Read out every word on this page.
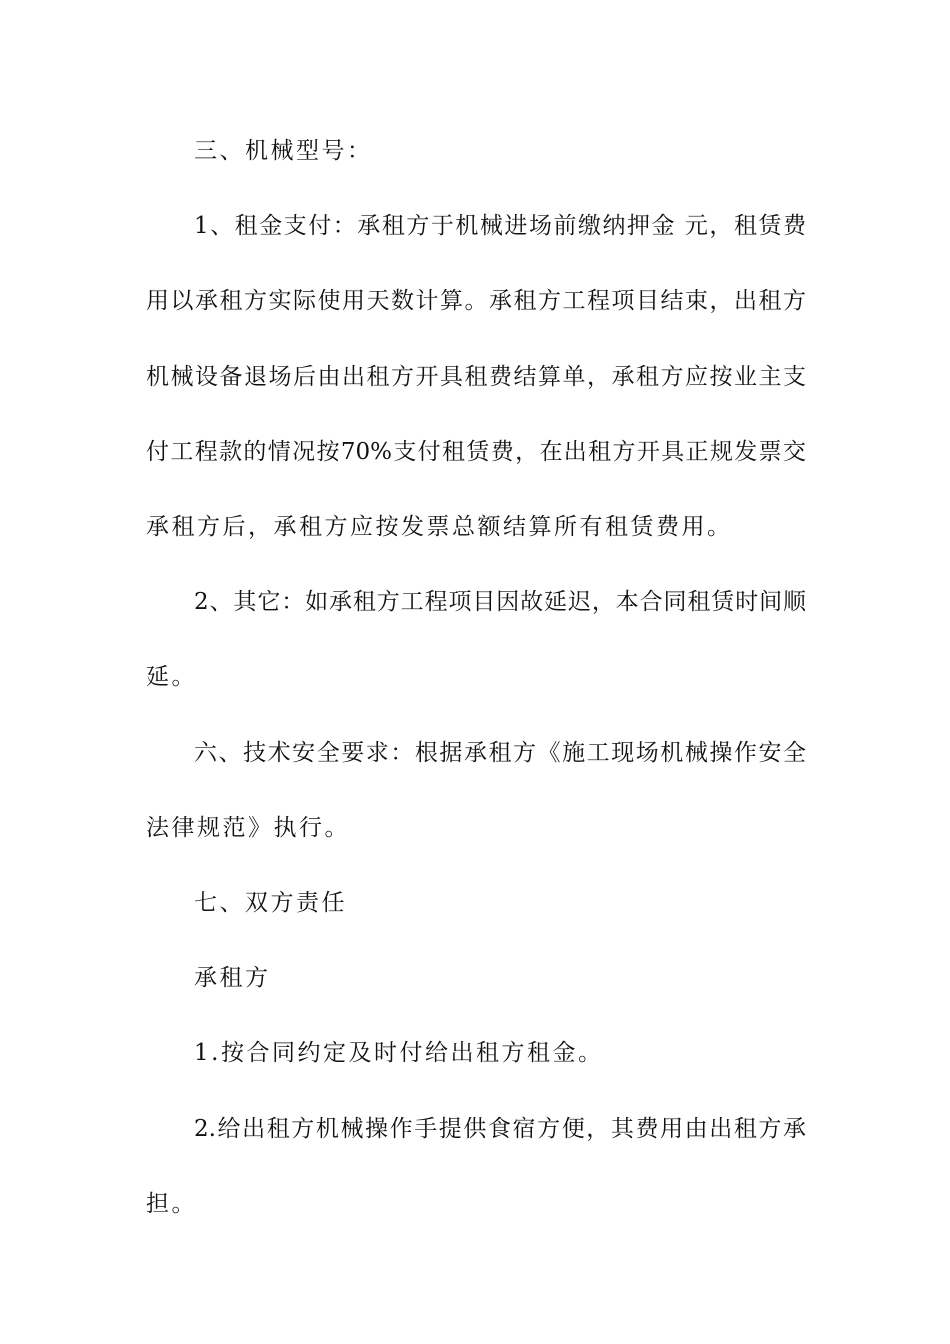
三、机械型号：
1、租金支付：承租方于机械进场前缴纳押金 元，租赁费
用以承租方实际使用天数计算。承租方工程项目结束，出租方
机械设备退场后由出租方开具租费结算单，承租方应按业主支
付工程款的情况按70%支付租赁费，在出租方开具正规发票交
承租方后，承租方应按发票总额结算所有租赁费用。
2、其它：如承租方工程项目因故延迟，本合同租赁时间顺
延。
六、技术安全要求：根据承租方《施工现场机械操作安全
法律规范》执行。
七、双方责任
承租方
1.按合同约定及时付给出租方租金。
2.给出租方机械操作手提供食宿方便，其费用由出租方承
担。
